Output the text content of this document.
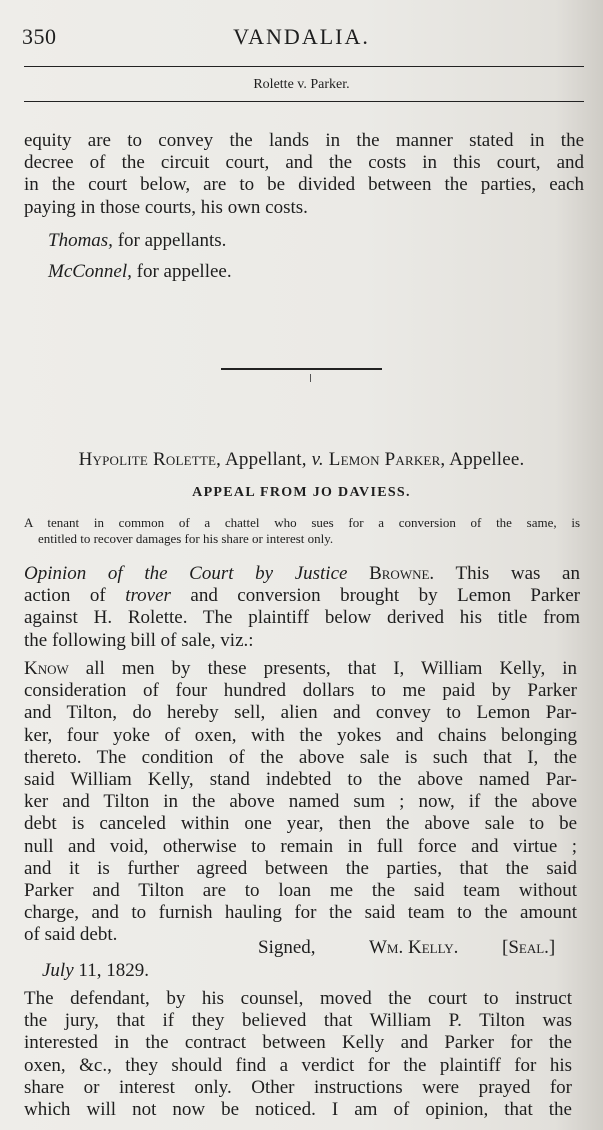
350	VANDALIA.
Rolette v. Parker.
equity are to convey the lands in the manner stated in the
decree of the circuit court, and the costs in this court, and
in the court below, are to be divided between the parties, each
paying in those courts, his own costs.
Thomas, for appellants.
McConnel, for appellee.
Hypolite Rolette, Appellant, v. Lemon Parker, Appellee.
APPEAL FROM JO DAVIESS.
A tenant in common of a chattel who sues for a conversion of the same, is
entitled to recover damages for his share or interest only.
Opinion of the Court by Justice Browne. This was an
action of trover and conversion brought by Lemon Parker
against H. Rolette. The plaintiff below derived his title from
the following bill of sale, viz.:
Know all men by these presents, that I, William Kelly, in
consideration of four hundred dollars to me paid by Parker
and Tilton, do hereby sell, alien and convey to Lemon Par-
ker, four yoke of oxen, with the yokes and chains belonging
thereto. The condition of the above sale is such that I, the
said William Kelly, stand indebted to the above named Par-
ker and Tilton in the above named sum ; now, if the above
debt is canceled within one year, then the above sale to be
null and void, otherwise to remain in full force and virtue ;
and it is further agreed between the parties, that the said
Parker and Tilton are to loan me the said team without
charge, and to furnish hauling for the said team to the amount
of said debt.
Signed,	Wm. Kelly. [Seal.]
July 11, 1829.
The defendant, by his counsel, moved the court to instruct
the jury, that if they believed that William P. Tilton was
interested in the contract between Kelly and Parker for the
oxen, &c., they should find a verdict for the plaintiff for his
share or interest only. Other instructions were prayed for
which will not now be noticed. I am of opinion, that the
